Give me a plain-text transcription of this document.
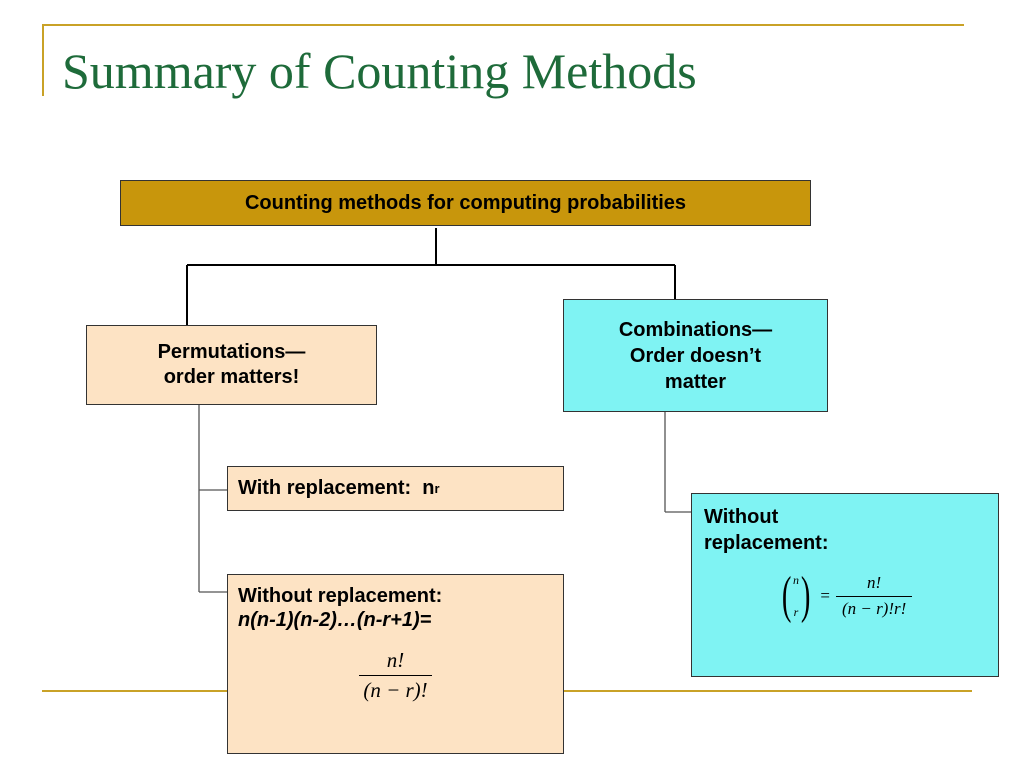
Summary of Counting Methods
Counting methods for computing probabilities
Permutations—
order matters!
Combinations—
Order doesn’t
matter
With replacement:  n r
Without replacement:
n(n-1)(n-2)…(n-r+1)=
$\frac{n!}{(n - r)!}$
Without
replacement:
( n
r ) = $\frac{n!}{(n - r)!r!}$
